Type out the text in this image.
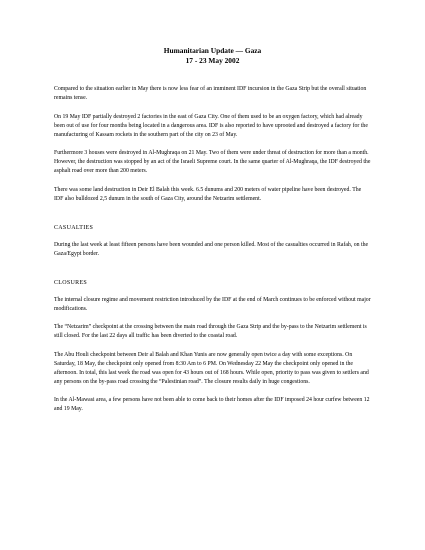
Humanitarian Update — Gaza
17 - 23 May 2002

Compared to the situation earlier in May there is now less fear of an imminent IDF incursion in the Gaza Strip but the overall situation remains tense.

On 19 May IDF partially destroyed 2 factories in the east of Gaza City. One of them used to be an oxygen factory, which had already been out of use for four months being located in a dangerous area. IDF is also reported to have uprooted and destroyed a factory for the manufacturing of Kassam rockets in the southern part of the city on 23 of May.

Furthermore 3 houses were destroyed in Al-Mughraqa on 21 May. Two of them were under threat of destruction for more than a month. However, the destruction was stopped by an act of the Israeli Supreme court. In the same quarter of Al-Mughraqa, the IDF destroyed the asphalt road over more than 200 meters.

There was some land destruction in Deir El Balah this week. 6.5 dunums and 200 meters of water pipeline have been destroyed. The IDF also bulldozed 2,5 dunum in the south of Gaza City, around the Netzarim settlement.

CASUALTIES

During the last week at least fifteen persons have been wounded and one person killed. Most of the casualties occurred in Rafah, on the Gaza/Egypt border.

CLOSURES

The internal closure regime and movement restriction introduced by the IDF at the end of March continues to be enforced without major modifications.

The “Netzarim” checkpoint at the crossing between the main road through the Gaza Strip and the by-pass to the Netzarim settlement is still closed. For the last 22 days all traffic has been diverted to the coastal road.

The Abu Houli checkpoint between Deir al Balah and Khan Yunis are now generally open twice a day with some exceptions. On Saturday, 18 May, the checkpoint only opened from 8:30 Am to 6 PM. On Wednesday 22 May the checkpoint only opened in the afternoon. In total, this last week the road was open for 43 hours out of 168 hours. While open, priority to pass was given to settlers and any persons on the by-pass road crossing the “Palestinian road”. The closure results daily in huge congestions.

In the Al-Mawasi area, a few persons have not been able to come back to their homes after the IDF imposed 24 hour curfew between 12 and 19 May.
